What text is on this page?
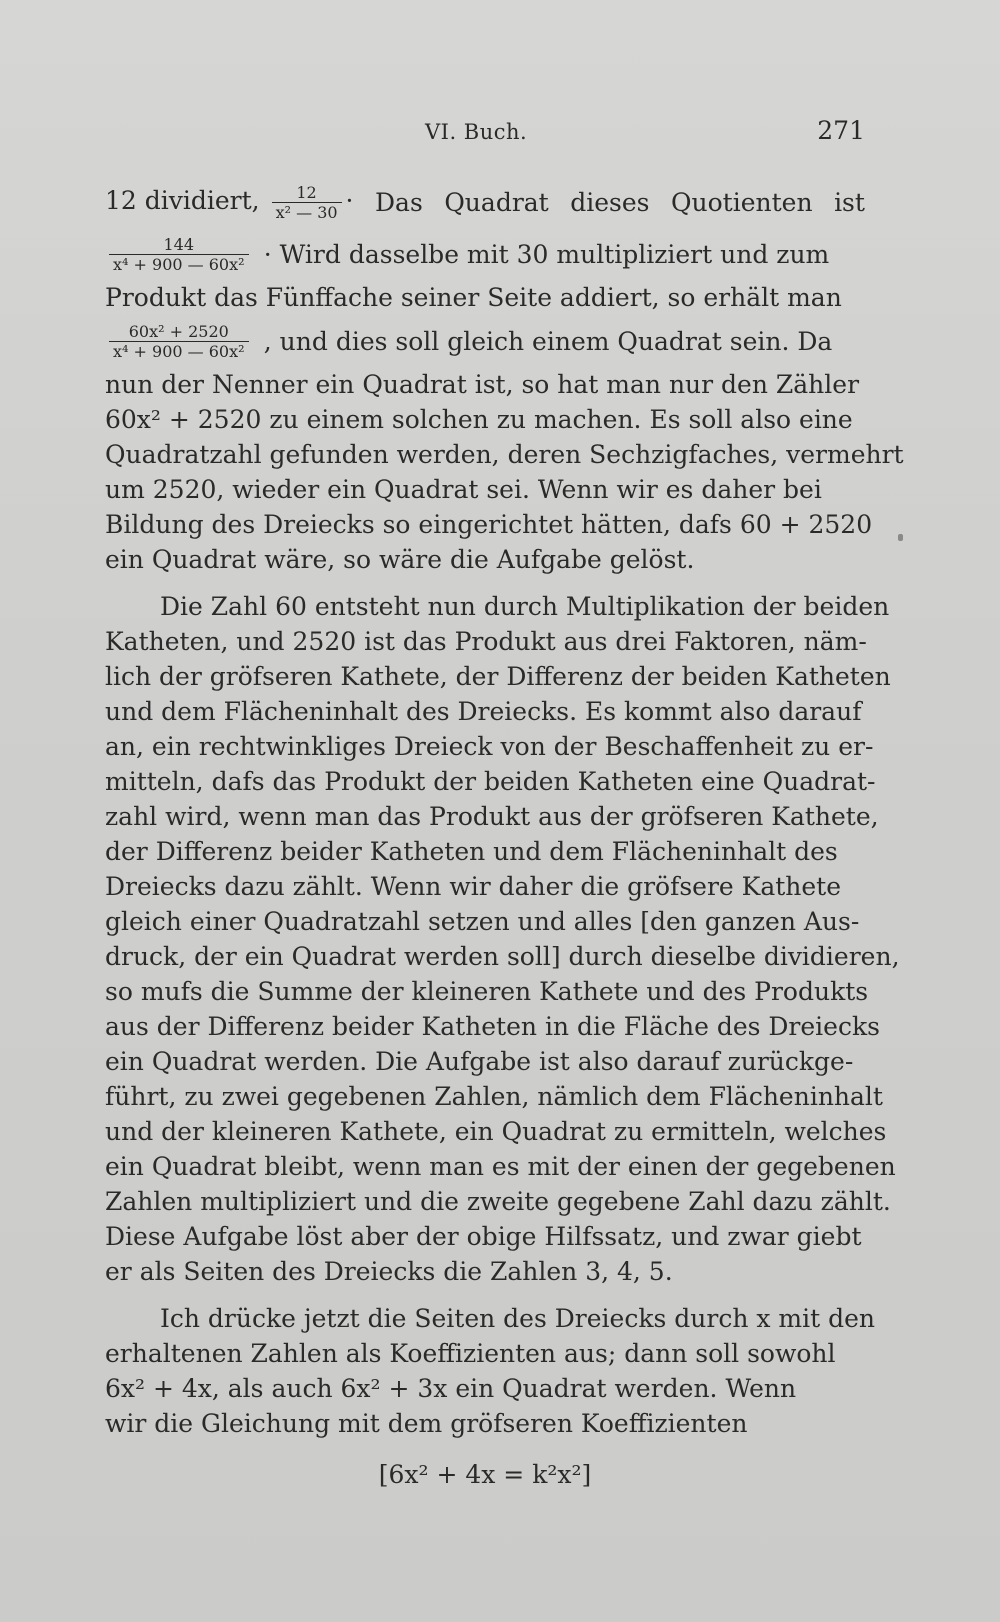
VI. Buch.	271
12 dividiert, $\frac{12}{\text{x² — 30}}$ · Das Quadrat dieses Quotienten ist
$\frac{144}{\text{x⁴ + 900 — 60x²}}$ · Wird dasselbe mit 30 multipliziert und zum
Produkt das Fünffache seiner Seite addiert, so erhält man
$\frac{\text{60x² + 2520}}{\text{x⁴ + 900 — 60x²}}$ , und dies soll gleich einem Quadrat sein. Da
nun der Nenner ein Quadrat ist, so hat man nur den Zähler
60x² + 2520 zu einem solchen zu machen. Es soll also eine
Quadratzahl gefunden werden, deren Sechzigfaches, vermehrt
um 2520, wieder ein Quadrat sei. Wenn wir es daher bei
Bildung des Dreiecks so eingerichtet hätten, dafs 60 + 2520
ein Quadrat wäre, so wäre die Aufgabe gelöst.
Die Zahl 60 entsteht nun durch Multiplikation der beiden
Katheten, und 2520 ist das Produkt aus drei Faktoren, näm-
lich der gröfseren Kathete, der Differenz der beiden Katheten
und dem Flächeninhalt des Dreiecks. Es kommt also darauf
an, ein rechtwinkliges Dreieck von der Beschaffenheit zu er-
mitteln, dafs das Produkt der beiden Katheten eine Quadrat-
zahl wird, wenn man das Produkt aus der gröfseren Kathete,
der Differenz beider Katheten und dem Flächeninhalt des
Dreiecks dazu zählt. Wenn wir daher die gröfsere Kathete
gleich einer Quadratzahl setzen und alles [den ganzen Aus-
druck, der ein Quadrat werden soll] durch dieselbe dividieren,
so mufs die Summe der kleineren Kathete und des Produkts
aus der Differenz beider Katheten in die Fläche des Dreiecks
ein Quadrat werden. Die Aufgabe ist also darauf zurückge-
führt, zu zwei gegebenen Zahlen, nämlich dem Flächeninhalt
und der kleineren Kathete, ein Quadrat zu ermitteln, welches
ein Quadrat bleibt, wenn man es mit der einen der gegebenen
Zahlen multipliziert und die zweite gegebene Zahl dazu zählt.
Diese Aufgabe löst aber der obige Hilfssatz, und zwar giebt
er als Seiten des Dreiecks die Zahlen 3, 4, 5.
Ich drücke jetzt die Seiten des Dreiecks durch x mit den
erhaltenen Zahlen als Koeffizienten aus; dann soll sowohl
6x² + 4x, als auch 6x² + 3x ein Quadrat werden. Wenn
wir die Gleichung mit dem gröfseren Koeffizienten
[6x² + 4x = k²x²]
